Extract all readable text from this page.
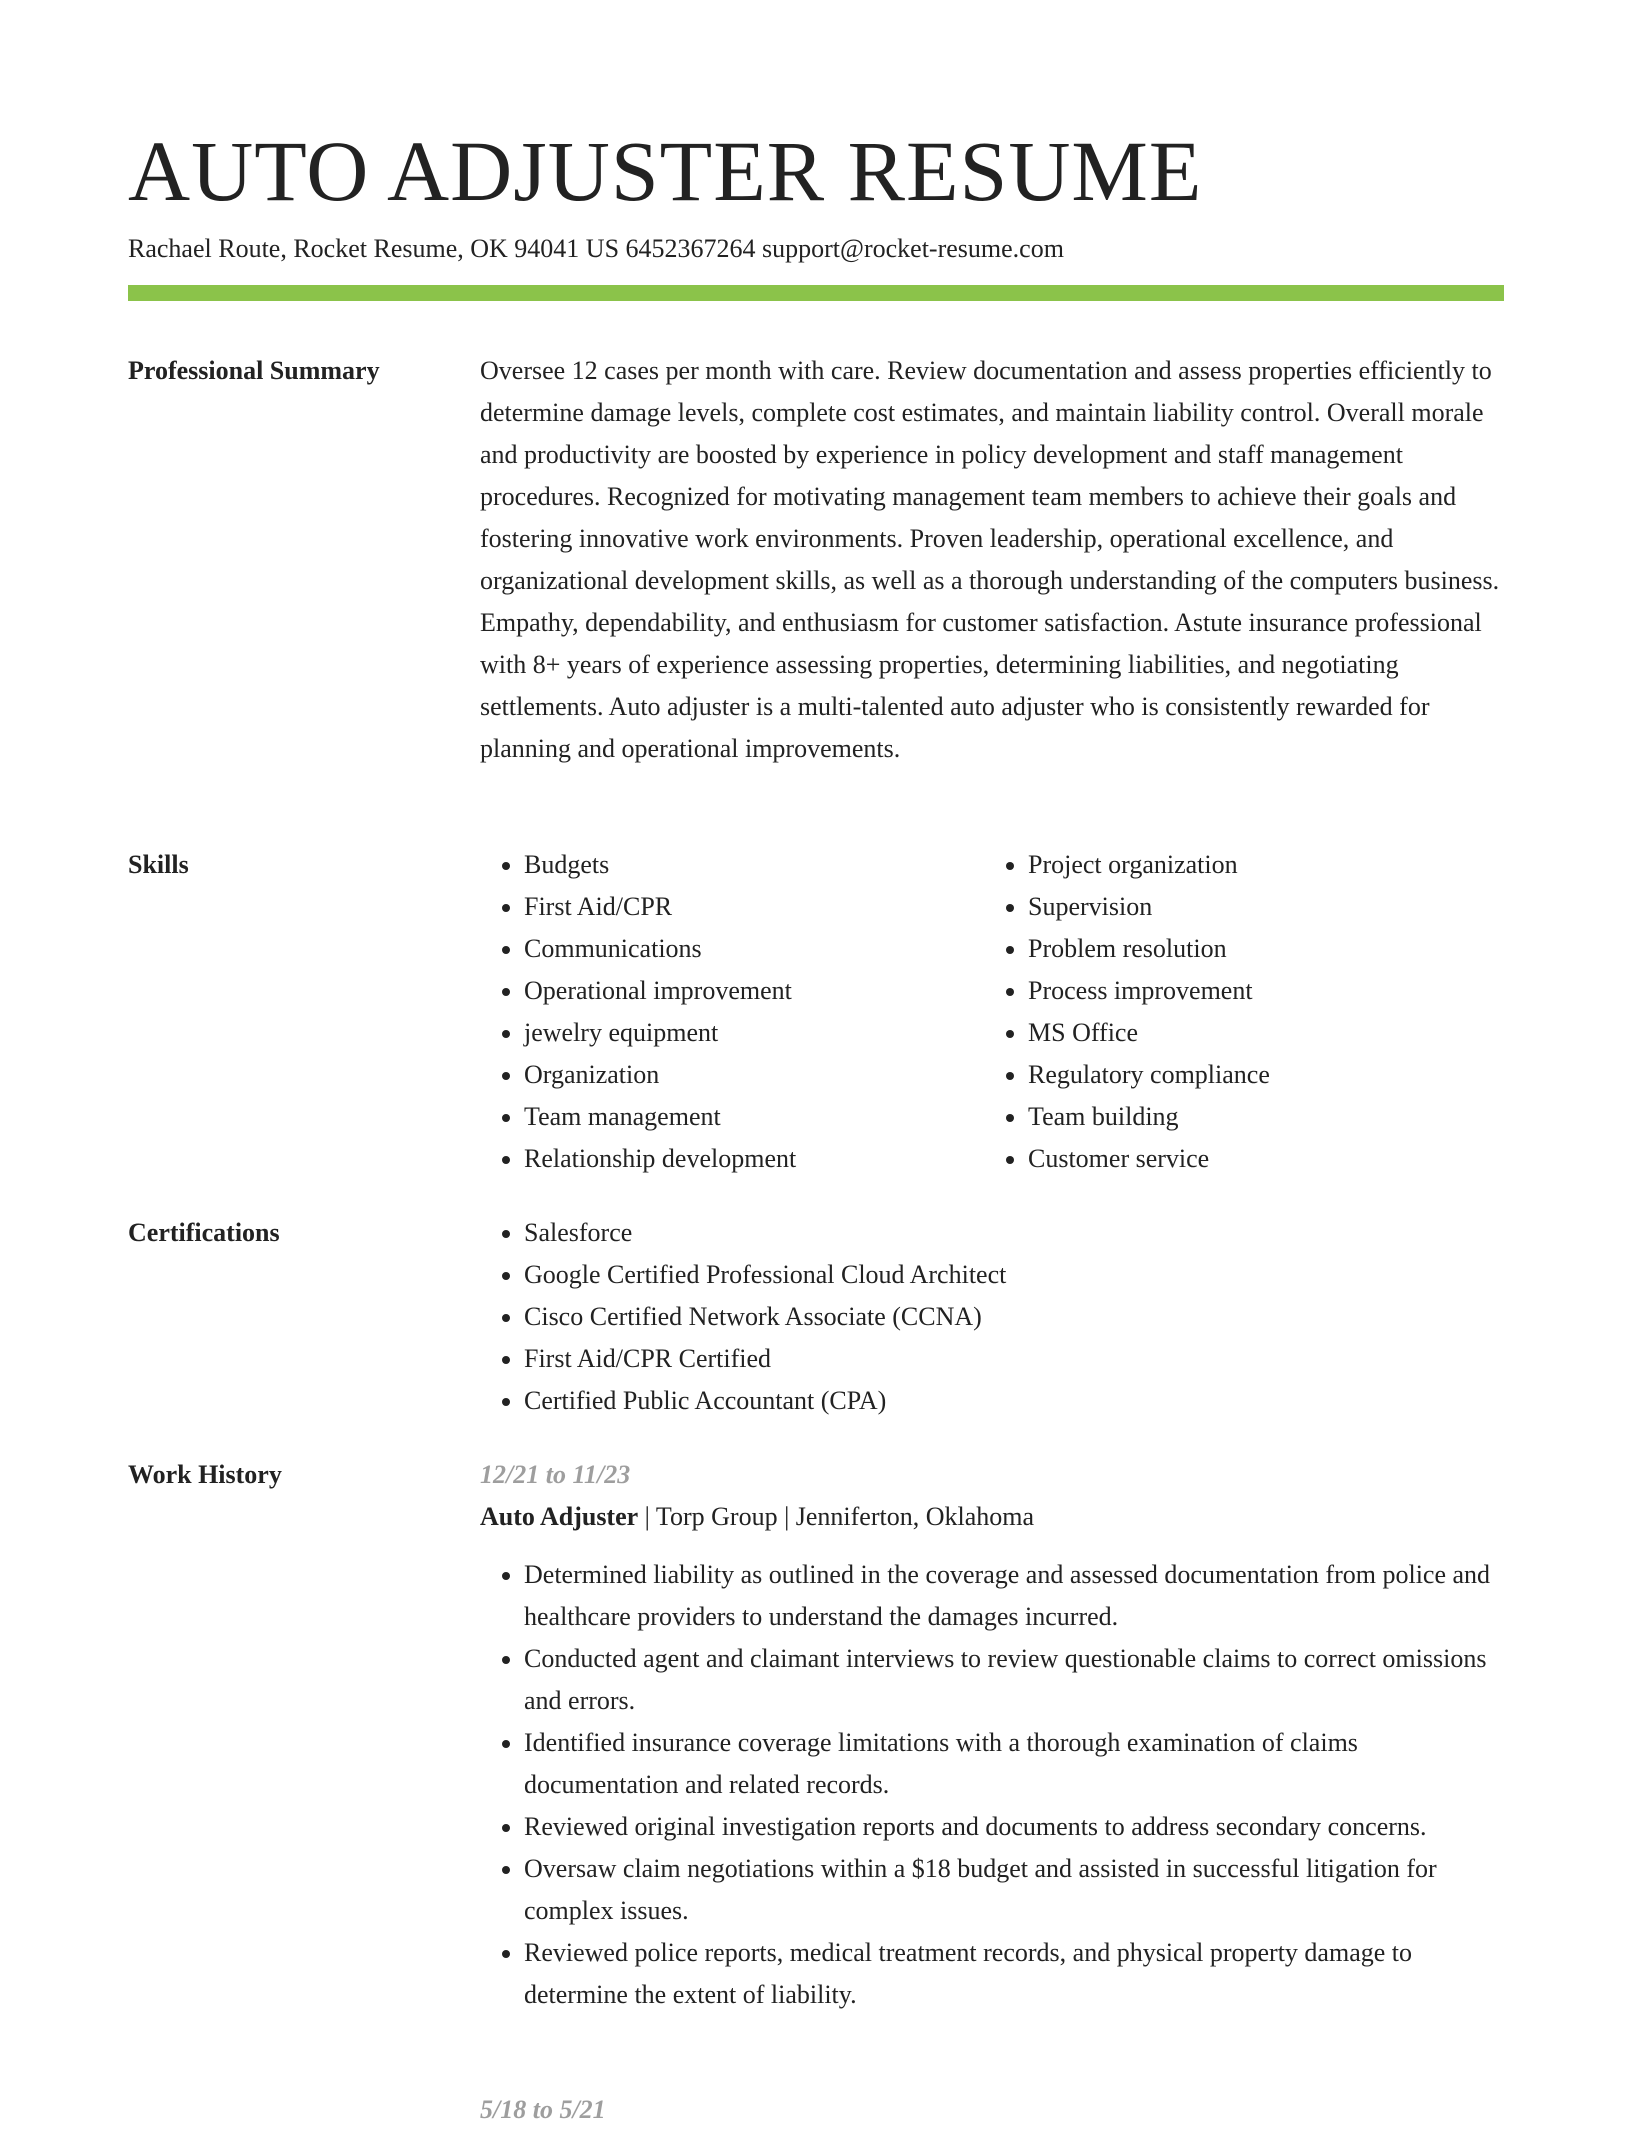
AUTO ADJUSTER RESUME
Rachael Route, Rocket Resume, OK 94041 US 6452367264 support@rocket-resume.com
Professional Summary	Oversee 12 cases per month with care. Review documentation and assess properties efficiently to determine damage levels, complete cost estimates, and maintain liability control. Overall morale and productivity are boosted by experience in policy development and staff management procedures. Recognized for motivating management team members to achieve their goals and fostering innovative work environments. Proven leadership, operational excellence, and organizational development skills, as well as a thorough understanding of the computers business. Empathy, dependability, and enthusiasm for customer satisfaction. Astute insurance professional with 8+ years of experience assessing properties, determining liabilities, and negotiating settlements. Auto adjuster is a multi-talented auto adjuster who is consistently rewarded for planning and operational improvements.

Skills	• Budgets
• First Aid/CPR
• Communications
• Operational improvement
• jewelry equipment
• Organization
• Team management
• Relationship development
• Project organization
• Supervision
• Problem resolution
• Process improvement
• MS Office
• Regulatory compliance
• Team building
• Customer service
Certifications	• Salesforce
• Google Certified Professional Cloud Architect
• Cisco Certified Network Associate (CCNA)
• First Aid/CPR Certified
• Certified Public Accountant (CPA)
Work History	12/21 to 11/23
Auto Adjuster | Torp Group | Jenniferton, Oklahoma
• Determined liability as outlined in the coverage and assessed documentation from police and healthcare providers to understand the damages incurred.
• Conducted agent and claimant interviews to review questionable claims to correct omissions and errors.
• Identified insurance coverage limitations with a thorough examination of claims documentation and related records.
• Reviewed original investigation reports and documents to address secondary concerns.
• Oversaw claim negotiations within a $18 budget and assisted in successful litigation for complex issues.
• Reviewed police reports, medical treatment records, and physical property damage to determine the extent of liability.
5/18 to 5/21
